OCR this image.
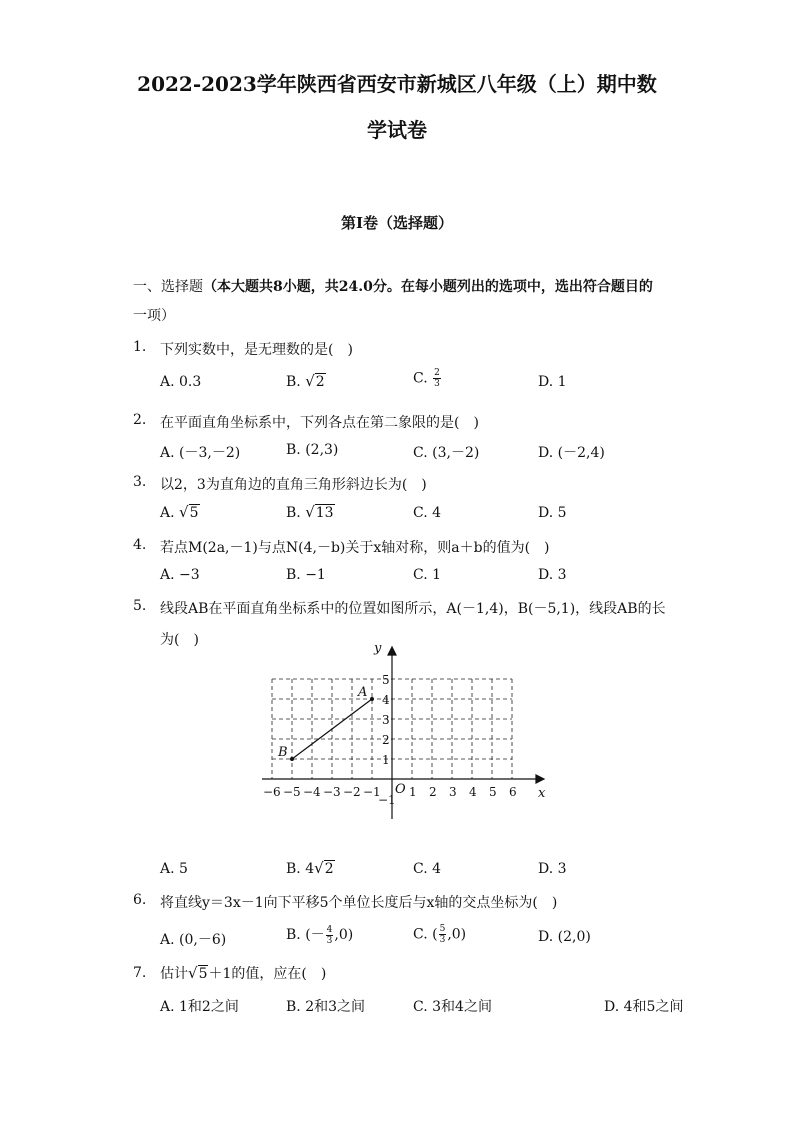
2022-2023学年陕西省西安市新城区八年级（上）期中数
学试卷
第I卷（选择题）
一、选择题（本大题共8小题，共24.0分。在每小题列出的选项中，选出符合题目的
一项）
1. 下列实数中，是无理数的是(　)
A. 0.3	B. √2	C. $\frac{2}{3}$	D. 1
2. 在平面直角坐标系中，下列各点在第二象限的是(　)
A. (－3,－2)	B. (2,3)	C. (3,－2)	D. (－2,4)
3. 以2，3为直角边的直角三角形斜边长为(　)
A. √5	B. √13	C. 4	D. 5
4. 若点M(2a,－1)与点N(4,－b)关于x轴对称，则a＋b的值为(　)
A. −3	B. −1	C. 1	D. 3
5. 线段AB在平面直角坐标系中的位置如图所示，A(－1,4)，B(－5,1)，线段AB的长
为(　)
−6 −5 −4 −3 −2 −1 1 2 3 4 5 6
5
4
3
2
1
−1
A
B
x
y
O
A. 5	B. 4√2	C. 4	D. 3
6. 将直线y＝3x－1向下平移5个单位长度后与x轴的交点坐标为(　)
A. (0,－6)	B. (－ $\frac{4}{3} ,0$)	C. ( $\frac{5}{3} ,0$)	D. (2,0)
7. 估计√5＋1的值，应在(　)
A. 1和2之间	B. 2和3之间	C. 3和4之间	D. 4和5之间
